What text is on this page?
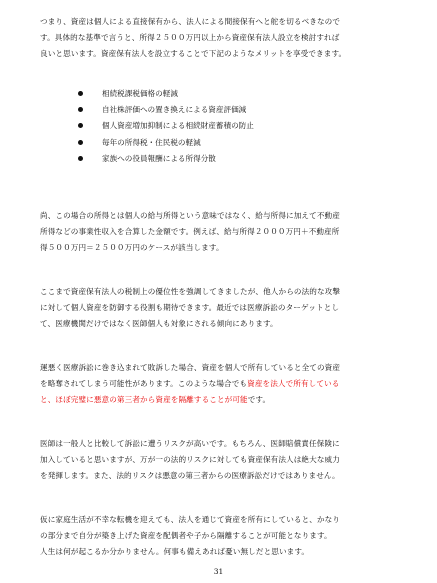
つまり、資産は個人による直接保有から、法人による間接保有へと舵を切るべきなので
す。具体的な基準で言うと、所得２５００万円以上から資産保有法人設立を検討すれば
良いと思います。資産保有法人を設立することで下記のようなメリットを享受できます。

相続税課税価格の軽減
自社株評価への置き換えによる資産評価減
個人資産増加抑制による相続財産蓄積の防止
毎年の所得税・住民税の軽減
家族への役員報酬による所得分散

尚、この場合の所得とは個人の給与所得という意味ではなく、給与所得に加えて不動産
所得などの事業性収入を合算した金額です。例えば、給与所得２０００万円＋不動産所
得５００万円＝２５００万円のケースが該当します。

ここまで資産保有法人の税制上の優位性を強調してきましたが、他人からの法的な攻撃
に対して個人資産を防御する役割も期待できます。最近では医療訴訟のターゲットとし
て、医療機関だけではなく医師個人も対象にされる傾向にあります。

運悪く医療訴訟に巻き込まれて敗訴した場合、資産を個人で所有していると全ての資産
を略奪されてしまう可能性があります。このような場合でも資産を法人で所有している
と、ほぼ完璧に悪意の第三者から資産を隔離することが可能です。

医師は一般人と比較して訴訟に遭うリスクが高いです。もちろん、医師賠償責任保険に
加入していると思いますが、万が一の法的リスクに対しても資産保有法人は絶大な威力
を発揮します。また、法的リスクは悪意の第三者からの医療訴訟だけではありません。

仮に家庭生活が不幸な転機を迎えても、法人を通じて資産を所有にしていると、かなり
の部分まで自分が築き上げた資産を配偶者や子から隔離することが可能となります。
人生は何が起こるか分かりません。何事も備えあれば憂い無しだと思います。

31
